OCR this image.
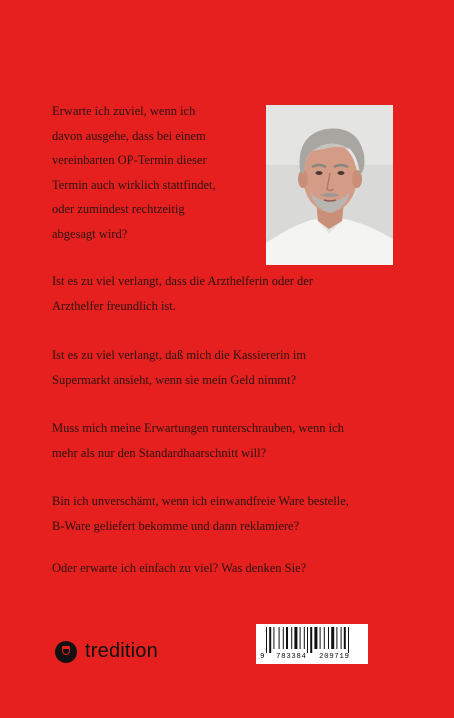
Erwarte ich zuviel, wenn ich
davon ausgehe, dass bei einem
vereinbarten OP-Termin dieser
Termin auch wirklich stattfindet,
oder zumindest rechtzeitig
abgesagt wird?

Ist es zu viel verlangt, dass die Arzthelferin oder der
Arzthelfer freundlich ist.

Ist es zu viel verlangt, daß mich die Kassiererin im
Supermarkt ansieht, wenn sie mein Geld nimmt?

Muss mich meine Erwartungen runterschrauben, wenn ich
mehr als nur den Standardhaarschnitt will?

Bin ich unverschämt, wenn ich einwandfreie Ware bestelle,
B-Ware geliefert bekomme und dann reklamiere?

Oder erwarte ich einfach zu viel? Was denken Sie?

tredition	9 783384 209719
